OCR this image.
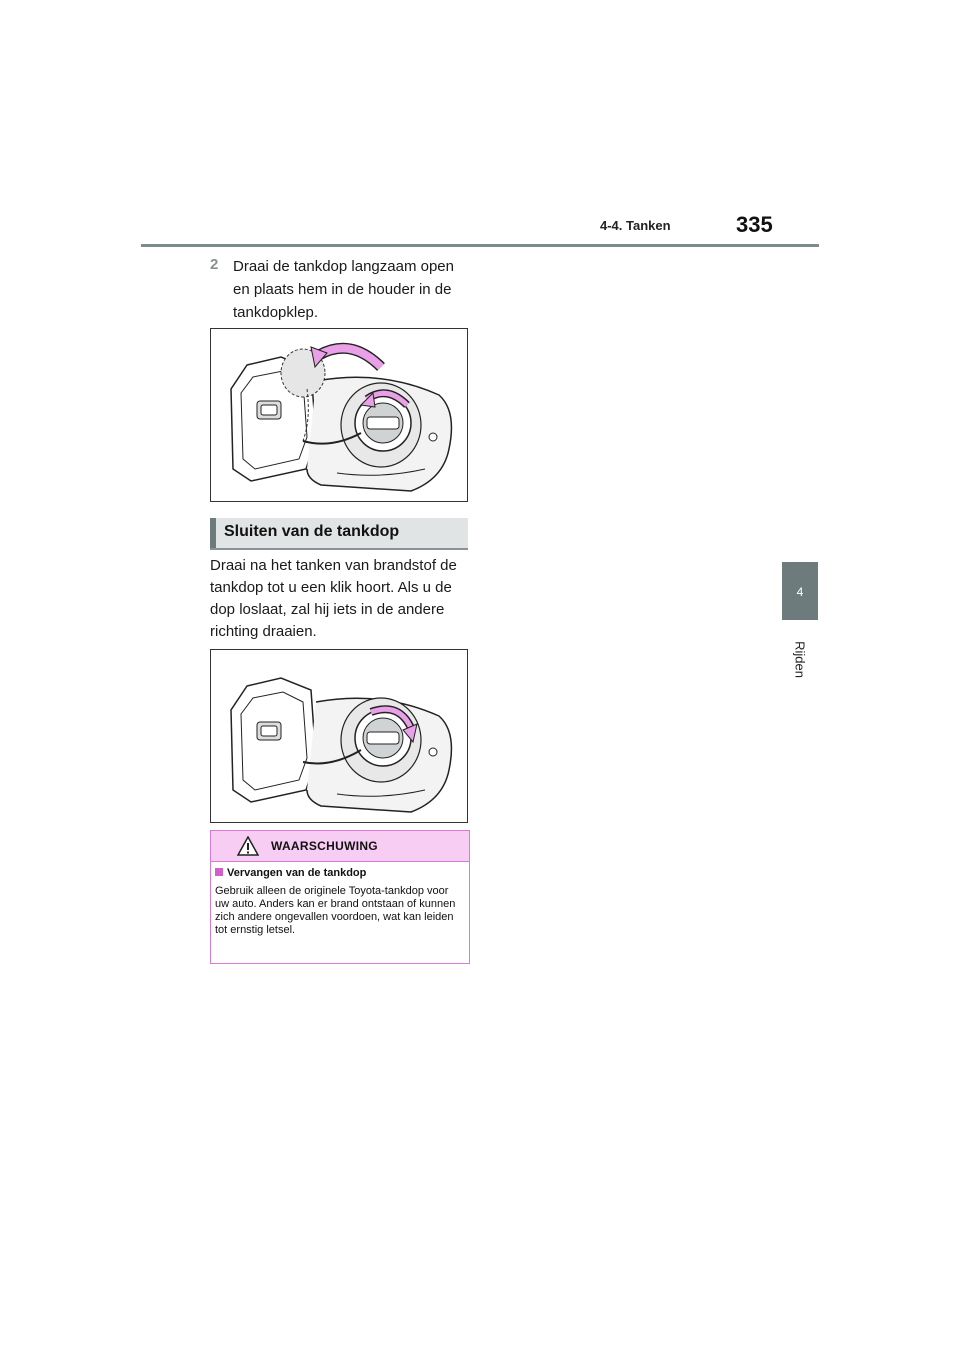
4-4. Tanken	335
4
Rijden
2 Draai de tankdop langzaam open en plaats hem in de houder in de tankdopklep.
Sluiten van de tankdop
Draai na het tanken van brandstof de tankdop tot u een klik hoort. Als u de dop loslaat, zal hij iets in de andere richting draaien.
WAARSCHUWING
Vervangen van de tankdop
Gebruik alleen de originele Toyota-tankdop voor uw auto. Anders kan er brand ontstaan of kunnen zich andere ongevallen voordoen, wat kan leiden tot ernstig letsel.
